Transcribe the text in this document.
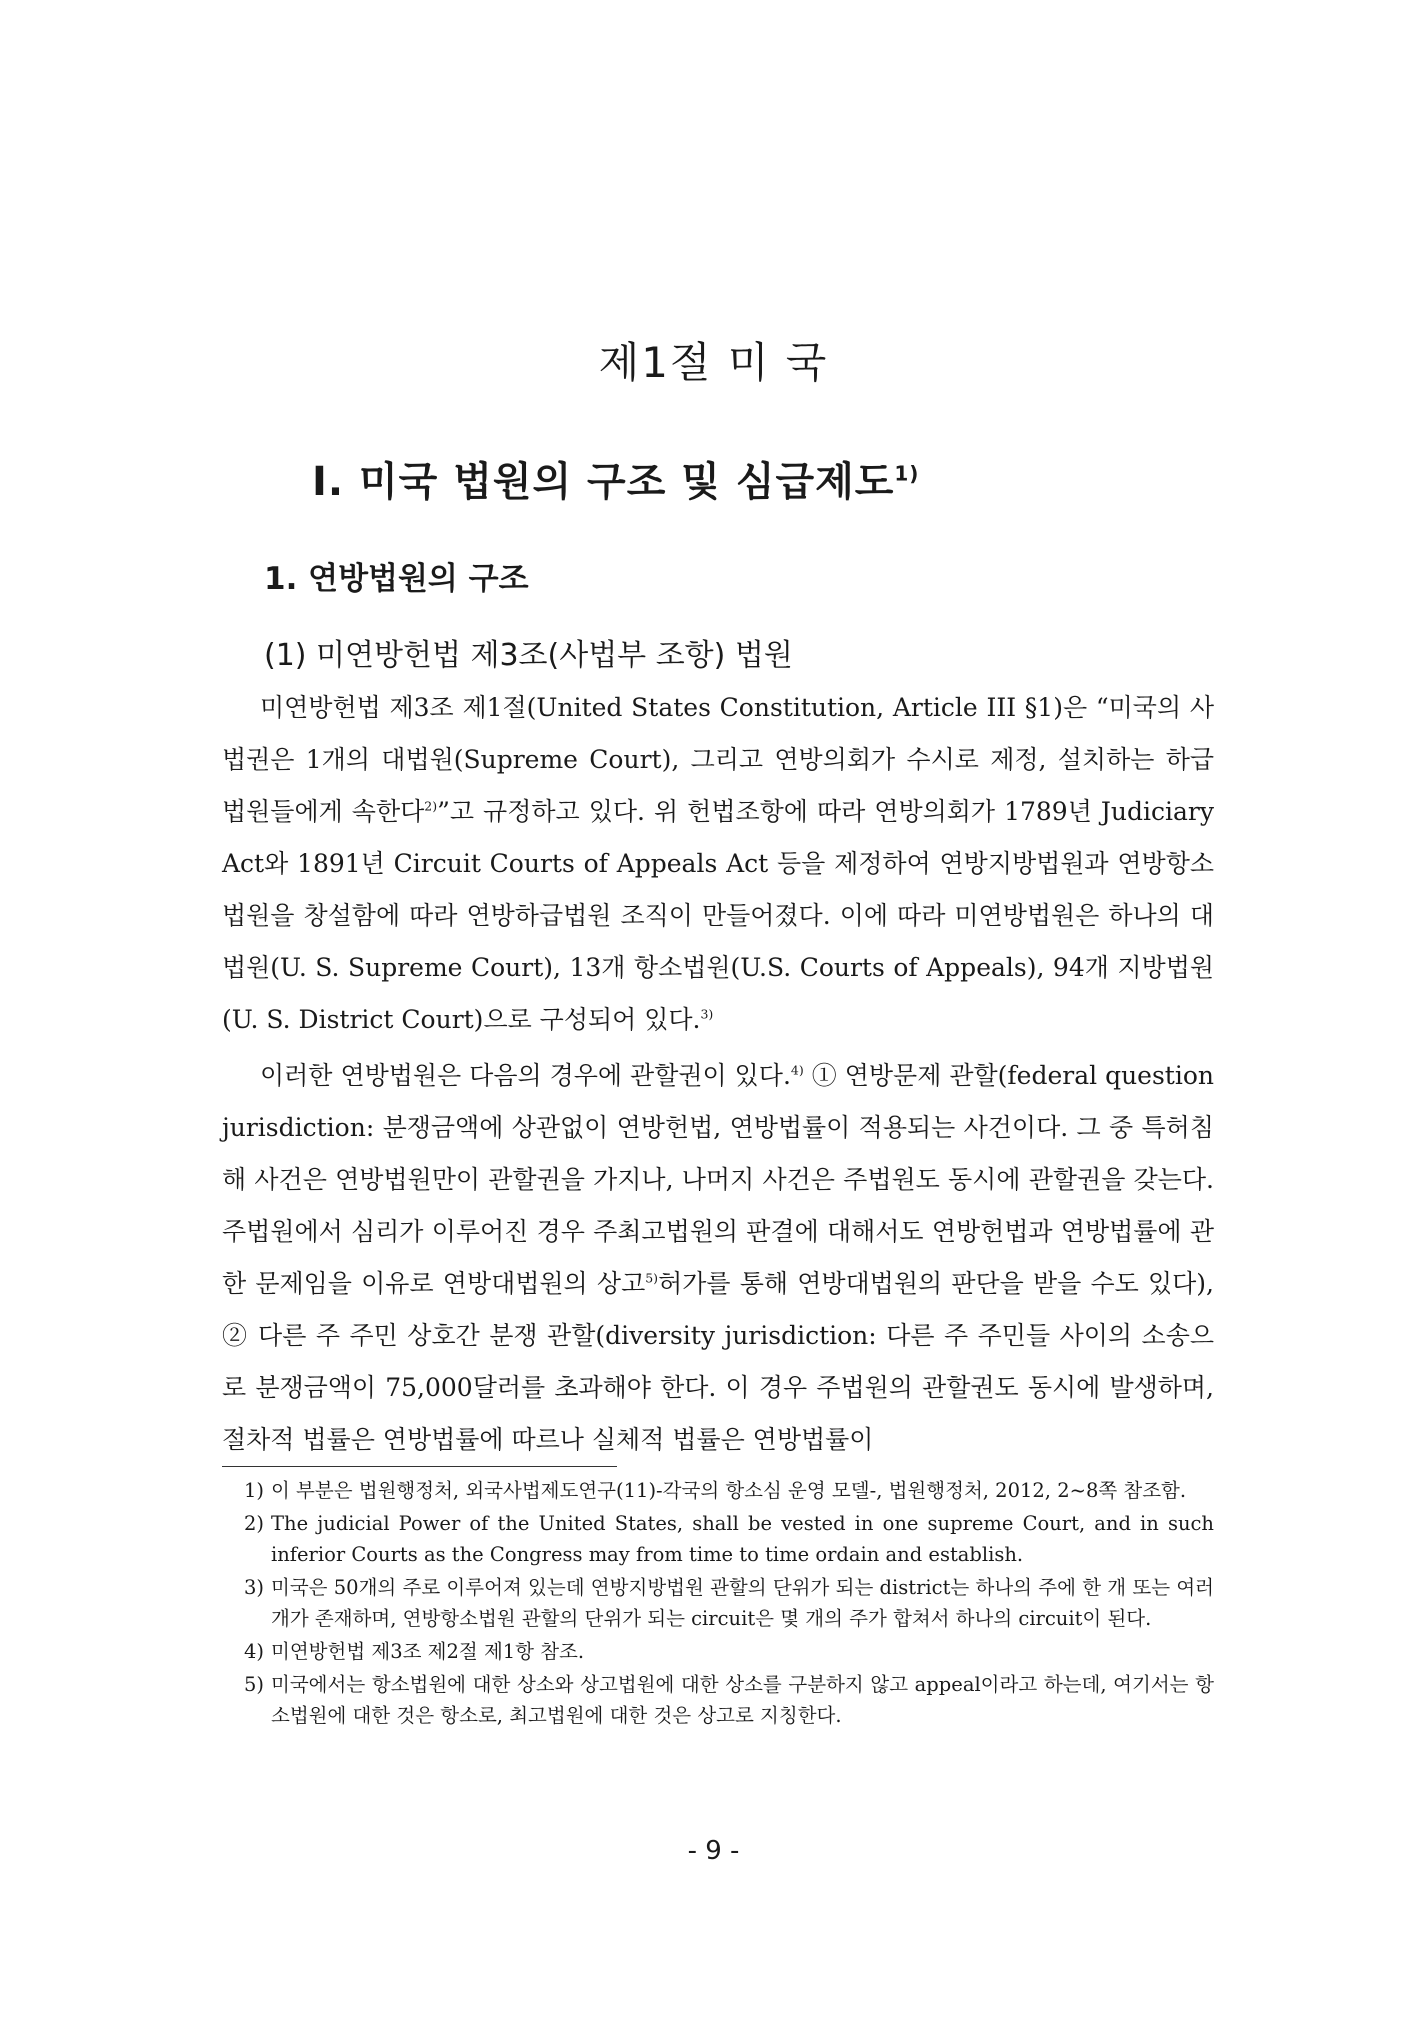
제1절 미 국
Ⅰ. 미국 법원의 구조 및 심급제도$^{1)}$
1. 연방법원의 구조
(1) 미연방헌법 제3조(사법부 조항) 법원

미연방헌법 제3조 제1절(United States Constitution, Article III §1)은 “미국의 사법권은 1개의 대법원(Supreme Court), 그리고 연방의회가 수시로 제정, 설치하는 하급 법원들에게 속한다$^{2)}$”고 규정하고 있다. 위 헌법조항에 따라 연방의회가 1789년 Judiciary Act와 1891년 Circuit Courts of Appeals Act 등을 제정하여 연방지방법원과 연방항소법원을 창설함에 따라 연방하급법원 조직이 만들어졌다. 이에 따라 미연방법원은 하나의 대법원(U. S. Supreme Court), 13개 항소법원(U.S. Courts of Appeals), 94개 지방법원(U. S. District Court)으로 구성되어 있다.$^{3)}$

이러한 연방법원은 다음의 경우에 관할권이 있다.$^{4)}$ ① 연방문제 관할(federal question jurisdiction: 분쟁금액에 상관없이 연방헌법, 연방법률이 적용되는 사건이다. 그 중 특허침해 사건은 연방법원만이 관할권을 가지나, 나머지 사건은 주법원도 동시에 관할권을 갖는다. 주법원에서 심리가 이루어진 경우 주최고법원의 판결에 대해서도 연방헌법과 연방법률에 관한 문제임을 이유로 연방대법원의 상고$^{5)}$허가를 통해 연방대법원의 판단을 받을 수도 있다), ② 다른 주 주민 상호간 분쟁 관할(diversity jurisdiction: 다른 주 주민들 사이의 소송으로 분쟁금액이 75,000달러를 초과해야 한다. 이 경우 주법원의 관할권도 동시에 발생하며, 절차적 법률은 연방법률에 따르나 실체적 법률은 연방법률이

1) 이 부분은 법원행정처, 외국사법제도연구(11)-각국의 항소심 운영 모델-, 법원행정처, 2012, 2~8쪽 참조함.

2) The judicial Power of the United States, shall be vested in one supreme Court, and in such inferior Courts as the Congress may from time to time ordain and establish.

3) 미국은 50개의 주로 이루어져 있는데 연방지방법원 관할의 단위가 되는 district는 하나의 주에 한 개 또는 여러 개가 존재하며, 연방항소법원 관할의 단위가 되는 circuit은 몇 개의 주가 합쳐서 하나의 circuit이 된다.

4) 미연방헌법 제3조 제2절 제1항 참조.

5) 미국에서는 항소법원에 대한 상소와 상고법원에 대한 상소를 구분하지 않고 appeal이라고 하는데, 여기서는 항소법원에 대한 것은 항소로, 최고법원에 대한 것은 상고로 지칭한다.

- 9 -
